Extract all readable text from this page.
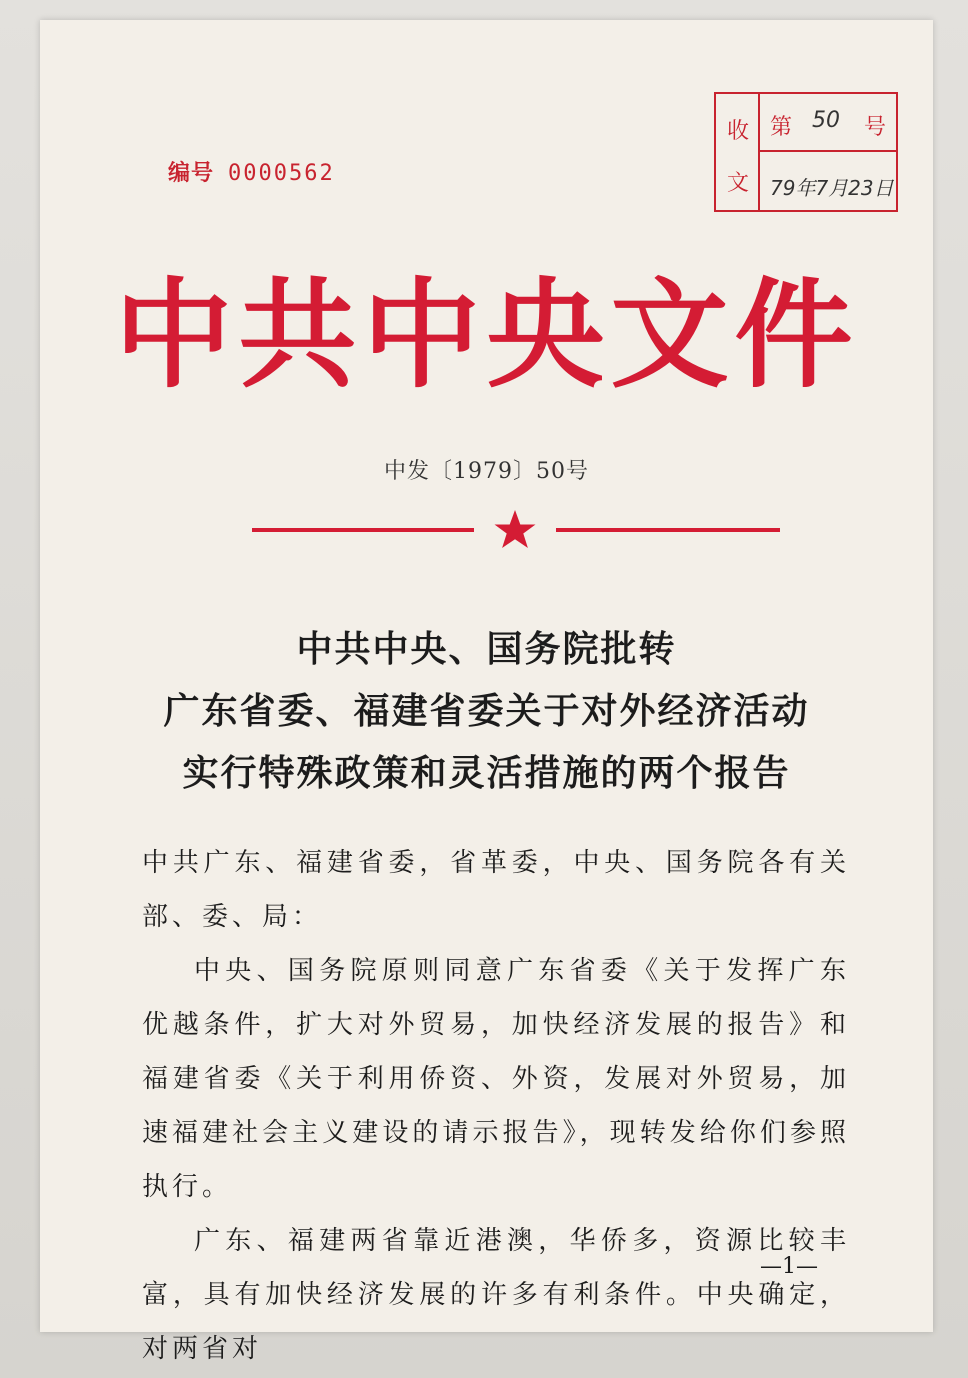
编号 0000562
收
文
第 50 号
79年7月23日
中共中央文件
中发〔1979〕50号
中共中央、国务院批转
广东省委、福建省委关于对外经济活动
实行特殊政策和灵活措施的两个报告

中共广东、福建省委，省革委，中央、国务院各有关部、委、局：

中央、国务院原则同意广东省委《关于发挥广东优越条件，扩大对外贸易，加快经济发展的报告》和福建省委《关于利用侨资、外资，发展对外贸易，加速福建社会主义建设的请示报告》，现转发给你们参照执行。

广东、福建两省靠近港澳，华侨多，资源比较丰富，具有加快经济发展的许多有利条件。中央确定，对两省对

—1—
